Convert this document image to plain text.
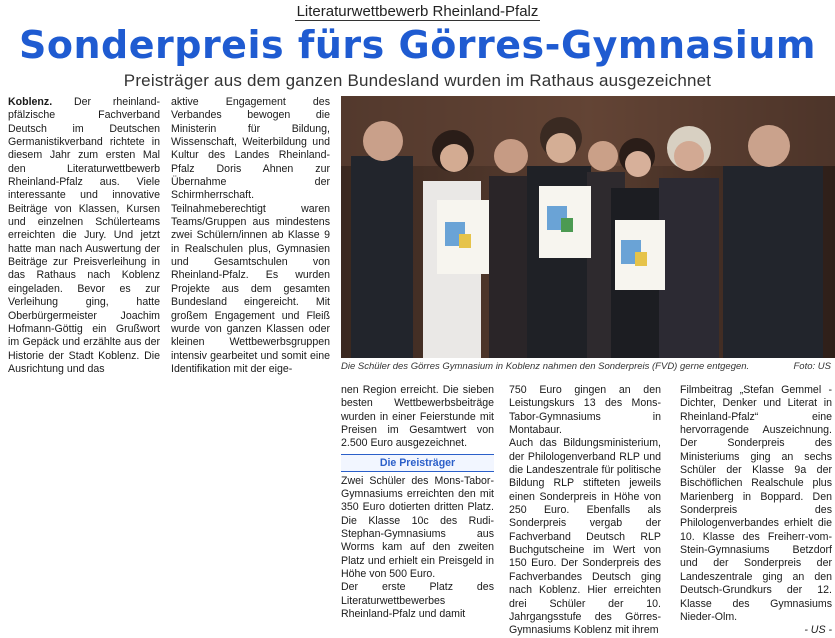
Literaturwettbewerb Rheinland-Pfalz
Sonderpreis fürs Görres-Gymnasium
Preisträger aus dem ganzen Bundesland wurden im Rathaus ausgezeichnet

Koblenz. Der rheinland-pfälzische Fachverband Deutsch im Deutschen Germanistikverband richtete in diesem Jahr zum ersten Mal den Literaturwettbewerb Rheinland-Pfalz aus. Viele interessante und innovative Beiträge von Klassen, Kursen und einzelnen Schülerteams erreichten die Jury. Und jetzt hatte man nach Auswertung der Beiträge zur Preisverleihung in das Rathaus nach Koblenz eingeladen. Bevor es zur Verleihung ging, hatte Oberbürgermeister Joachim Hofmann-Göttig ein Grußwort im Gepäck und erzählte aus der Historie der Stadt Koblenz. Die Ausrichtung und das

aktive Engagement des Verbandes bewogen die Ministerin für Bildung, Wissenschaft, Weiterbildung und Kultur des Landes Rheinland-Pfalz Doris Ahnen zur Übernahme der Schirmherrschaft. Teilnahmeberechtigt waren Teams/Gruppen aus mindestens zwei Schülern/innen ab Klasse 9 in Realschulen plus, Gymnasien und Gesamtschulen von Rheinland-Pfalz. Es wurden Projekte aus dem gesamten Bundesland eingereicht. Mit großem Engagement und Fleiß wurde von ganzen Klassen oder kleinen Wettbewerbsgruppen intensiv gearbeitet und somit eine Identifikation mit der eige-	Die Schüler des Görres Gymnasium in Koblenz nahmen den Sonderpreis (FVD) gerne entgegen.	Foto: US

nen Region erreicht. Die sieben besten Wettbewerbsbeiträge wurden in einer Feierstunde mit Preisen im Gesamtwert von 2.500 Euro ausgezeichnet.

Die Preisträger

Zwei Schüler des Mons-Tabor-Gymnasiums erreichten den mit 350 Euro dotierten dritten Platz. Die Klasse 10c des Rudi-Stephan-Gymnasiums aus Worms kam auf den zweiten Platz und erhielt ein Preisgeld in Höhe von 500 Euro.

Der erste Platz des Literaturwettbewerbes Rheinland-Pfalz und damit

750 Euro gingen an den Leistungskurs 13 des Mons-Tabor-Gymnasiums in Montabaur.

Auch das Bildungsministerium, der Philologenverband RLP und die Landeszentrale für politische Bildung RLP stifteten jeweils einen Sonderpreis in Höhe von 250 Euro. Ebenfalls als Sonderpreis vergab der Fachverband Deutsch RLP Buchgutscheine im Wert von 150 Euro. Der Sonderpreis des Fachverbandes Deutsch ging nach Koblenz. Hier erreichten drei Schüler der 10. Jahrgangsstufe des Görres-Gymnasiums Koblenz mit ihrem

Filmbeitrag „Stefan Gemmel - Dichter, Denker und Literat in Rheinland-Pfalz“ eine hervorragende Auszeichnung. Der Sonderpreis des Ministeriums ging an sechs Schüler der Klasse 9a der Bischöflichen Realschule plus Marienberg in Boppard. Den Sonderpreis des Philologenverbandes erhielt die 10. Klasse des Freiherr-vom-Stein-Gymnasiums Betzdorf und der Sonderpreis der Landeszentrale ging an den Deutsch-Grundkurs der 12. Klasse des Gymnasiums Nieder-Olm.

- US -
